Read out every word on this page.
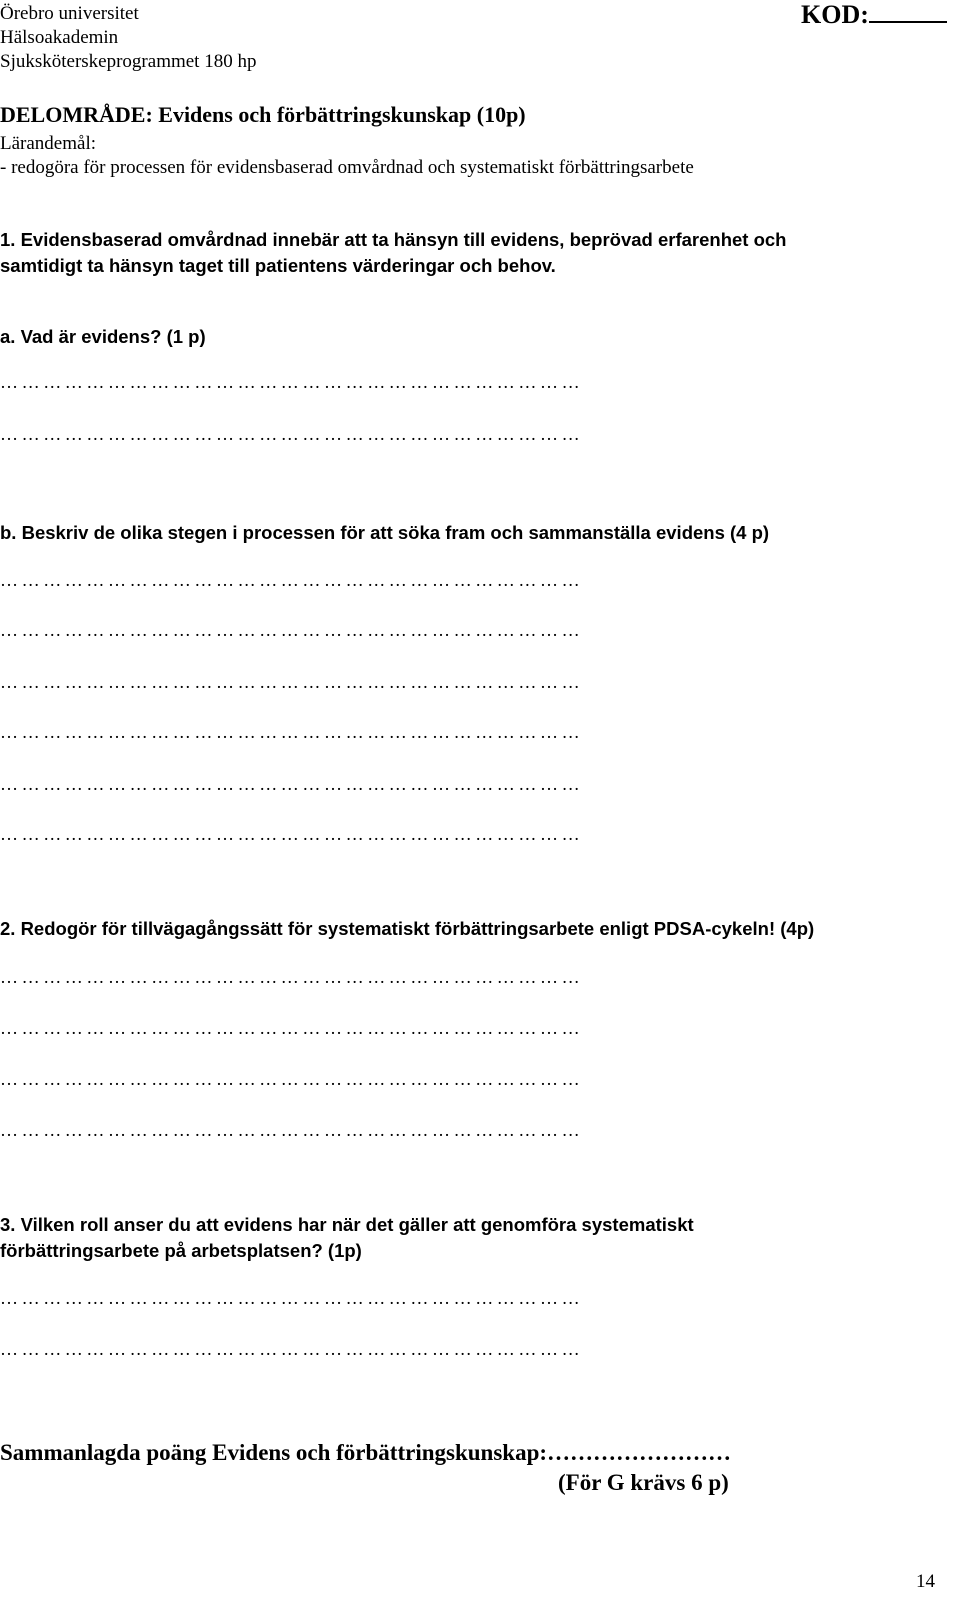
Örebro universitet
Hälsoakademin
Sjuksköterskeprogrammet 180 hp
KOD:
DELOMRÅDE: Evidens och förbättringskunskap (10p)
Lärandemål:
- redogöra för processen för evidensbaserad omvårdnad och systematiskt förbättringsarbete
1. Evidensbaserad omvårdnad innebär att ta hänsyn till evidens, beprövad erfarenhet och
samtidigt ta hänsyn taget till patientens värderingar och behov.
a. Vad är evidens? (1 p)
………………………………………………………………………
………………………………………………………………………
b. Beskriv de olika stegen i processen för att söka fram och sammanställa evidens (4 p)
………………………………………………………………………
………………………………………………………………………
………………………………………………………………………
………………………………………………………………………
………………………………………………………………………
………………………………………………………………………
2. Redogör för tillvägagångssätt för systematiskt förbättringsarbete enligt PDSA-cykeln! (4p)
………………………………………………………………………
………………………………………………………………………
………………………………………………………………………
………………………………………………………………………
3. Vilken roll anser du att evidens har när det gäller att genomföra systematiskt
förbättringsarbete på arbetsplatsen? (1p)
………………………………………………………………………
………………………………………………………………………
Sammanlagda poäng Evidens och förbättringskunskap:……………………
(För G krävs 6 p)
14
